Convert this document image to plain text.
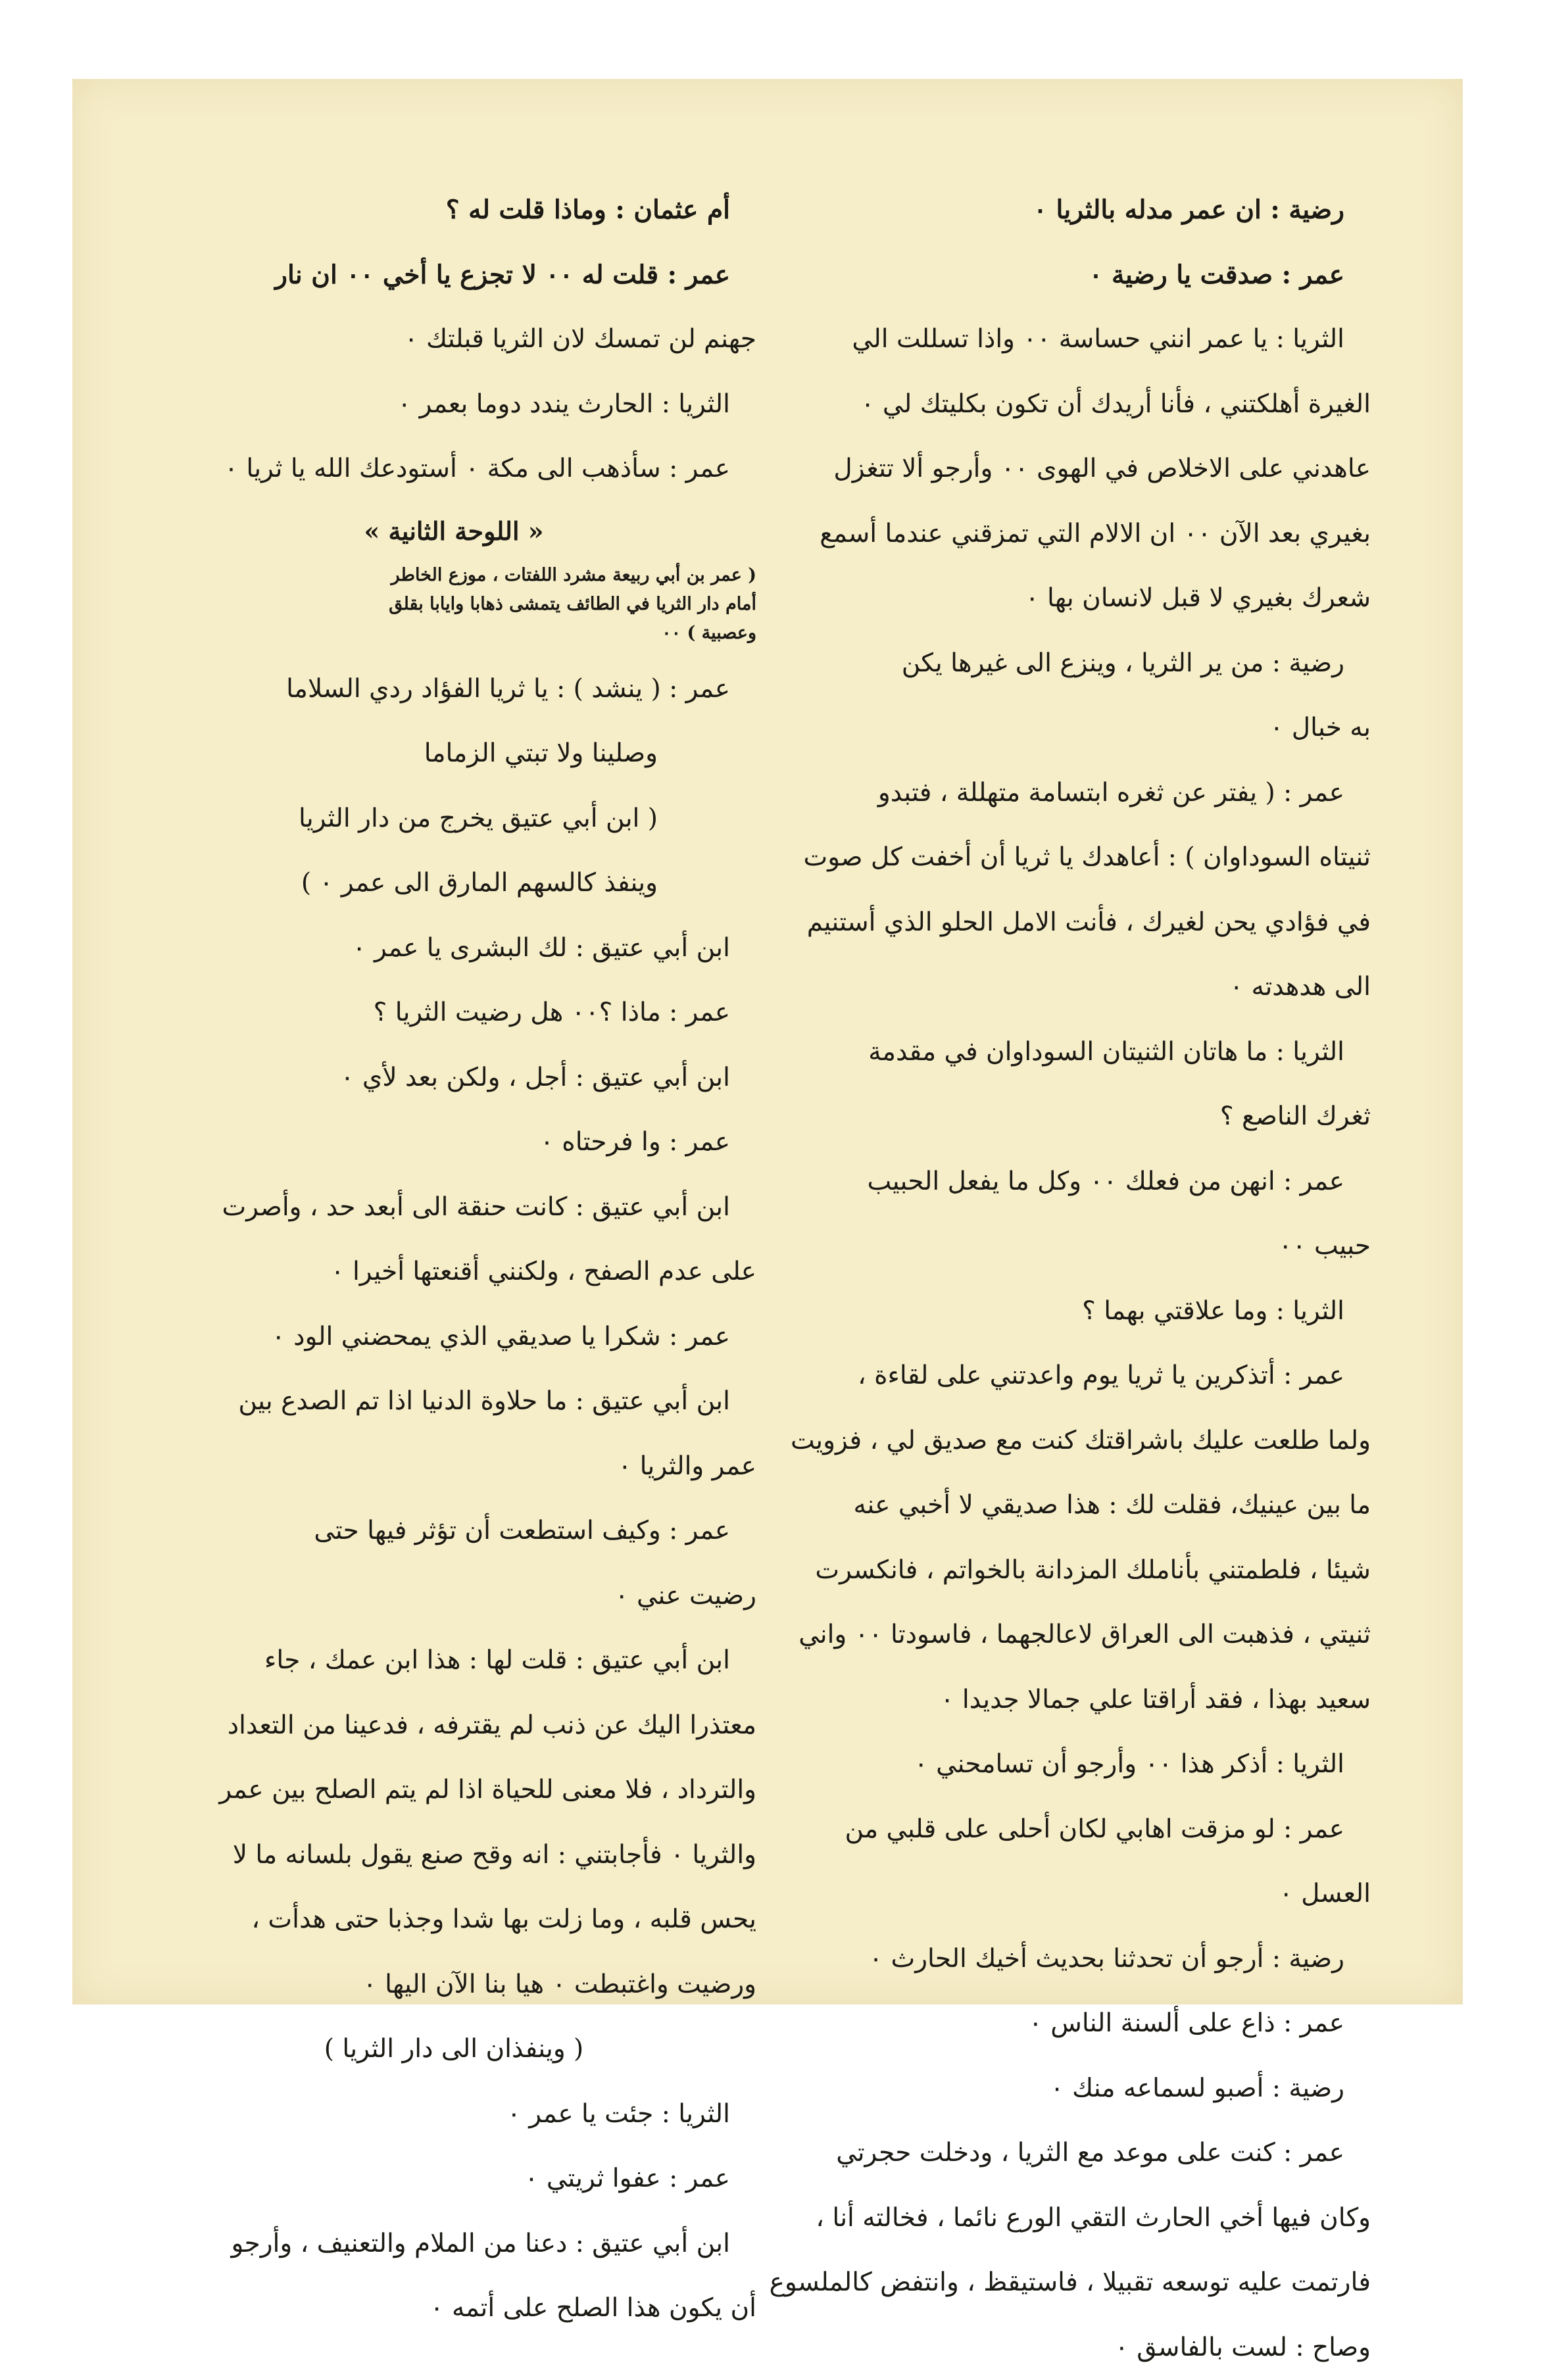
رضية : ان عمر مدله بالثريا ٠
عمر : صدقت يا رضية ٠
الثريا : يا عمر انني حساسة ٠٠ واذا تسللت الي
الغيرة أهلكتني ، فأنا أريدك أن تكون بكليتك لي ٠
عاهدني على الاخلاص في الهوى ٠٠ وأرجو ألا تتغزل
بغيري بعد الآن ٠٠ ان الالام التي تمزقني عندما أسمع
شعرك بغيري لا قبل لانسان بها ٠
رضية : من ير الثريا ، وينزع الى غيرها يكن
به خبال ٠
عمر : ( يفتر عن ثغره ابتسامة متهللة ، فتبدو
ثنيتاه السوداوان ) : أعاهدك يا ثريا أن أخفت كل صوت
في فؤادي يحن لغيرك ، فأنت الامل الحلو الذي أستنيم
الى هدهدته ٠
الثريا : ما هاتان الثنيتان السوداوان في مقدمة
ثغرك الناصع ؟
عمر : انهن من فعلك ٠٠ وكل ما يفعل الحبيب
حبيب ٠٠
الثريا : وما علاقتي بهما ؟
عمر : أتذكرين يا ثريا يوم واعدتني على لقاءة ،
ولما طلعت عليك باشراقتك كنت مع صديق لي ، فزويت
ما بين عينيك، فقلت لك : هذا صديقي لا أخبي عنه
شيئا ، فلطمتني بأناملك المزدانة بالخواتم ، فانكسرت
ثنيتي ، فذهبت الى العراق لاعالجهما ، فاسودتا ٠٠ واني
سعيد بهذا ، فقد أراقتا علي جمالا جديدا ٠
الثريا : أذكر هذا ٠٠ وأرجو أن تسامحني ٠
عمر : لو مزقت اهابي لكان أحلى على قلبي من
العسل ٠
رضية : أرجو أن تحدثنا بحديث أخيك الحارث ٠
عمر : ذاع على ألسنة الناس ٠
رضية : أصبو لسماعه منك ٠
عمر : كنت على موعد مع الثريا ، ودخلت حجرتي
وكان فيها أخي الحارث التقي الورع نائما ، فخالته أنا ،
فارتمت عليه توسعه تقبيلا ، فاستيقظ ، وانتفض كالملسوع
وصاح : لست بالفاسق ٠
أم عثمان : وماذا قلت له ؟
عمر : قلت له ٠٠ لا تجزع يا أخي ٠٠ ان نار
جهنم لن تمسك لان الثريا قبلتك ٠
الثريا : الحارث يندد دوما بعمر ٠
عمر : سأذهب الى مكة ٠ أستودعك الله يا ثريا ٠
« اللوحة الثانية »
( عمر بن أبي ربيعة مشرد اللفتات ، موزع الخاطر
أمام دار الثريا في الطائف يتمشى ذهابا وايابا بقلق
وعصبية ) ٠٠
عمر : ( ينشد ) : يا ثريا الفؤاد ردي السلاما
وصلينا ولا تبتي الزماما
( ابن أبي عتيق يخرج من دار الثريا
وينفذ كالسهم المارق الى عمر ٠ )
ابن أبي عتيق : لك البشرى يا عمر ٠
عمر : ماذا ؟٠٠ هل رضيت الثريا ؟
ابن أبي عتيق : أجل ، ولكن بعد لأي ٠
عمر : وا فرحتاه ٠
ابن أبي عتيق : كانت حنقة الى أبعد حد ، وأصرت
على عدم الصفح ، ولكنني أقنعتها أخيرا ٠
عمر : شكرا يا صديقي الذي يمحضني الود ٠
ابن أبي عتيق : ما حلاوة الدنيا اذا تم الصدع بين
عمر والثريا ٠
عمر : وكيف استطعت أن تؤثر فيها حتى
رضيت عني ٠
ابن أبي عتيق : قلت لها : هذا ابن عمك ، جاء
معتذرا اليك عن ذنب لم يقترفه ، فدعينا من التعداد
والترداد ، فلا معنى للحياة اذا لم يتم الصلح بين عمر
والثريا ٠ فأجابتني : انه وقح صنع يقول بلسانه ما لا
يحس قلبه ، وما زلت بها شدا وجذبا حتى هدأت ،
ورضيت واغتبطت ٠ هيا بنا الآن اليها ٠
( وينفذان الى دار الثريا )
الثريا : جئت يا عمر ٠
عمر : عفوا ثريتي ٠
ابن أبي عتيق : دعنا من الملام والتعنيف ، وأرجو
أن يكون هذا الصلح على أتمه ٠
